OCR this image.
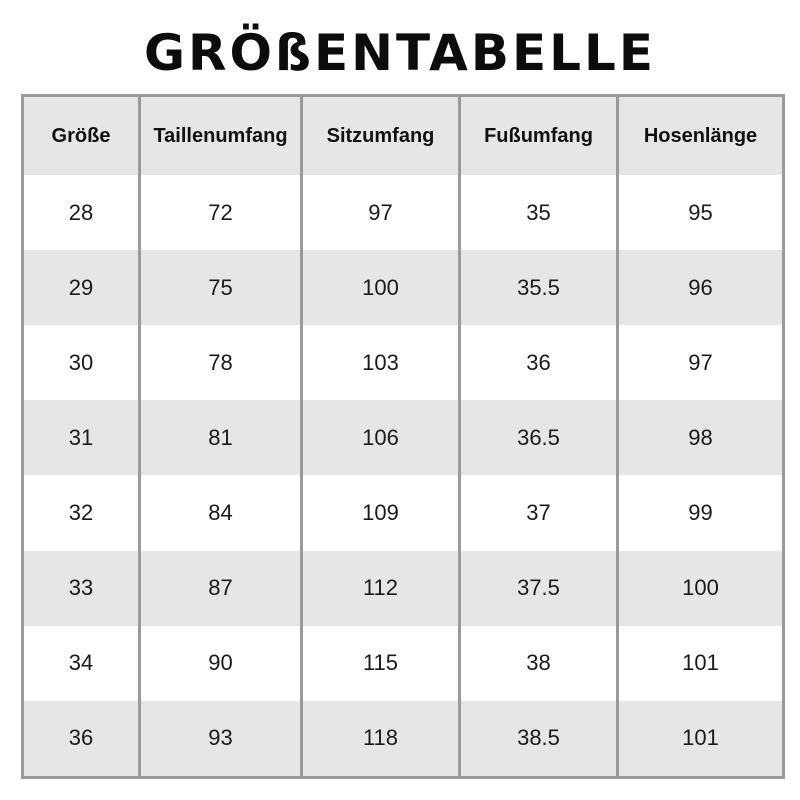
GRÖßENTABELLE
Größe	Taillenumfang	Sitzumfang	Fußumfang	Hosenlänge
28	72	97	35	95
29	75	100	35.5	96
30	78	103	36	97
31	81	106	36.5	98
32	84	109	37	99
33	87	112	37.5	100
34	90	115	38	101
36	93	118	38.5	101
